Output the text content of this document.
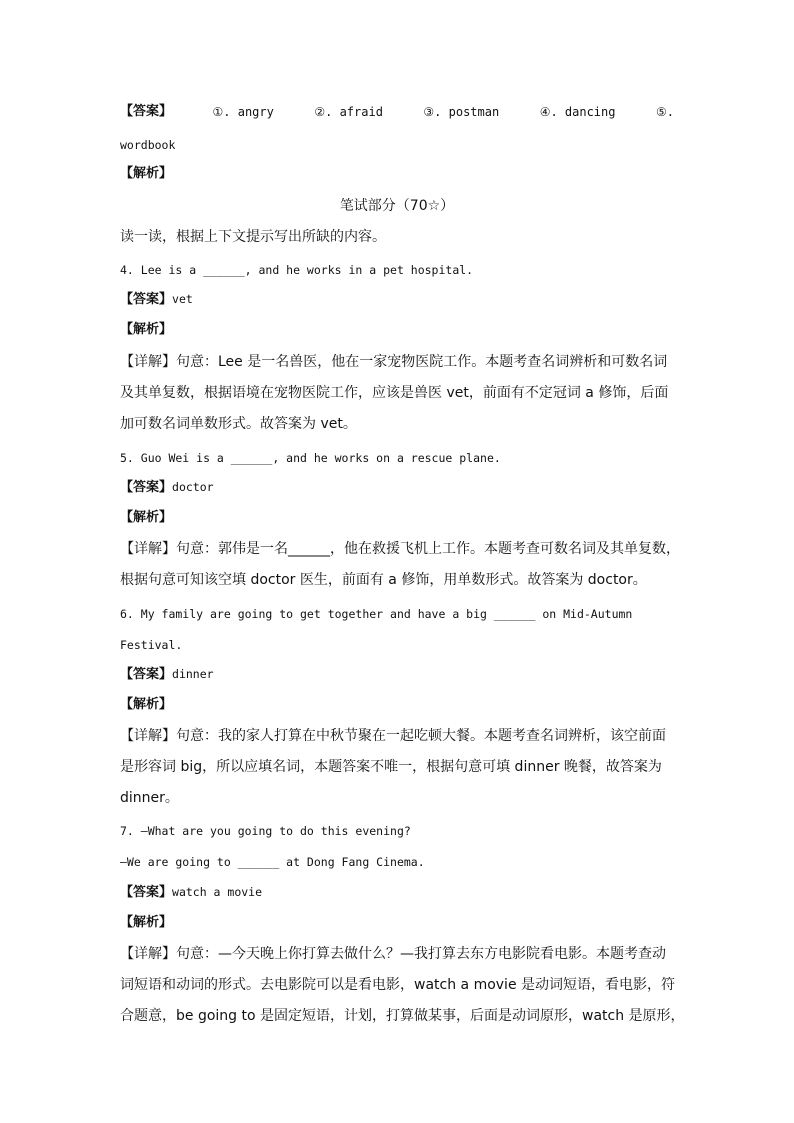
【答案】	①. angry	②. afraid	③. postman	④. dancing	⑤.
wordbook
【解析】
笔试部分（70☆）
读一读，根据上下文提示写出所缺的内容。
4. Lee is a ______, and he works in a pet hospital.
【答案】vet
【解析】
【详解】句意：Lee 是一名兽医，他在一家宠物医院工作。本题考查名词辨析和可数名词
及其单复数，根据语境在宠物医院工作，应该是兽医 vet，前面有不定冠词 a 修饰，后面
加可数名词单数形式。故答案为 vet。
5. Guo Wei is a ______, and he works on a rescue plane.
【答案】doctor
【解析】
【详解】句意：郭伟是一名______，他在救援飞机上工作。本题考查可数名词及其单复数，
根据句意可知该空填 doctor 医生，前面有 a 修饰，用单数形式。故答案为 doctor。
6. My family are going to get together and have a big ______ on Mid-Autumn
Festival.
【答案】dinner
【解析】
【详解】句意：我的家人打算在中秋节聚在一起吃顿大餐。本题考查名词辨析，该空前面
是形容词 big，所以应填名词，本题答案不唯一，根据句意可填 dinner 晚餐，故答案为
dinner。
7. —What are you going to do this evening?
—We are going to ______ at Dong Fang Cinema.
【答案】watch a movie
【解析】
【详解】句意：—今天晚上你打算去做什么？—我打算去东方电影院看电影。本题考查动
词短语和动词的形式。去电影院可以是看电影，watch a movie 是动词短语，看电影，符
合题意，be going to 是固定短语，计划，打算做某事，后面是动词原形，watch 是原形，
